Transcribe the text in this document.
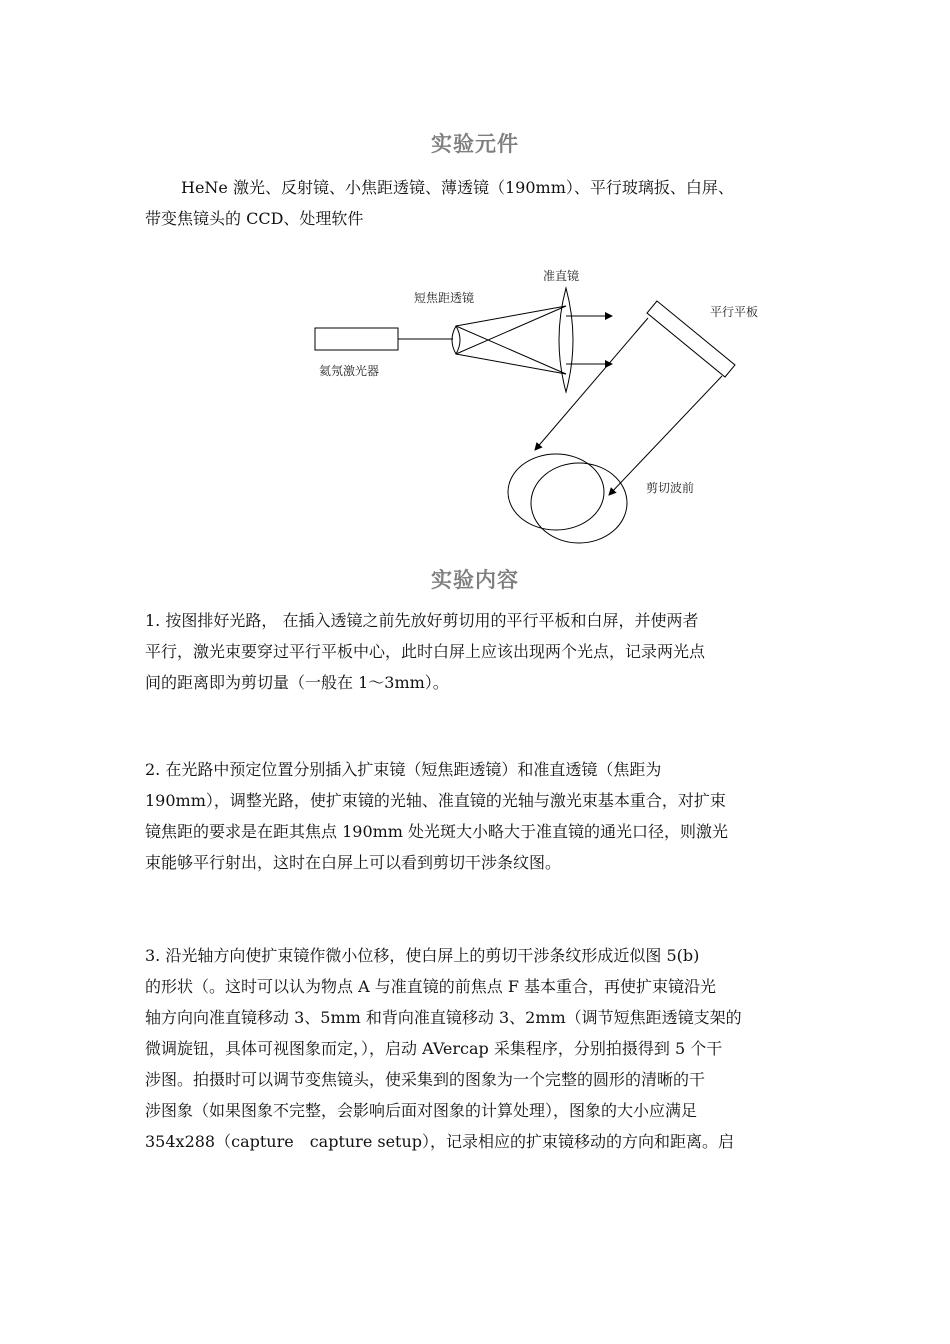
实验元件
HeNe 激光、反射镜、小焦距透镜、薄透镜（190mm）、平行玻璃扳、白屏、
带变焦镜头的 CCD、处理软件
氦氖激光器
短焦距透镜
准直镜
平行平板
剪切波前
实验内容
1. 按图排好光路， 在插入透镜之前先放好剪切用的平行平板和白屏，并使两者
平行，激光束要穿过平行平板中心，此时白屏上应该出现两个光点，记录两光点
间的距离即为剪切量（一般在 1～3mm）。
2. 在光路中预定位置分别插入扩束镜（短焦距透镜）和准直透镜（焦距为
190mm），调整光路，使扩束镜的光轴、准直镜的光轴与激光束基本重合，对扩束
镜焦距的要求是在距其焦点 190mm 处光斑大小略大于准直镜的通光口径，则激光
束能够平行射出，这时在白屏上可以看到剪切干涉条纹图。
3. 沿光轴方向使扩束镜作微小位移，使白屏上的剪切干涉条纹形成近似图 5(b)
的形状（。这时可以认为物点 A 与准直镜的前焦点 F 基本重合，再使扩束镜沿光
轴方向向准直镜移动 3、5mm 和背向准直镜移动 3、2mm（调节短焦距透镜支架的
微调旋钮，具体可视图象而定，），启动 AVercap 采集程序，分别拍摄得到 5 个干
涉图。拍摄时可以调节变焦镜头，使采集到的图象为一个完整的圆形的清晰的干
涉图象（如果图象不完整，会影响后面对图象的计算处理），图象的大小应满足
354x288（capture　capture setup），记录相应的扩束镜移动的方向和距离。启
